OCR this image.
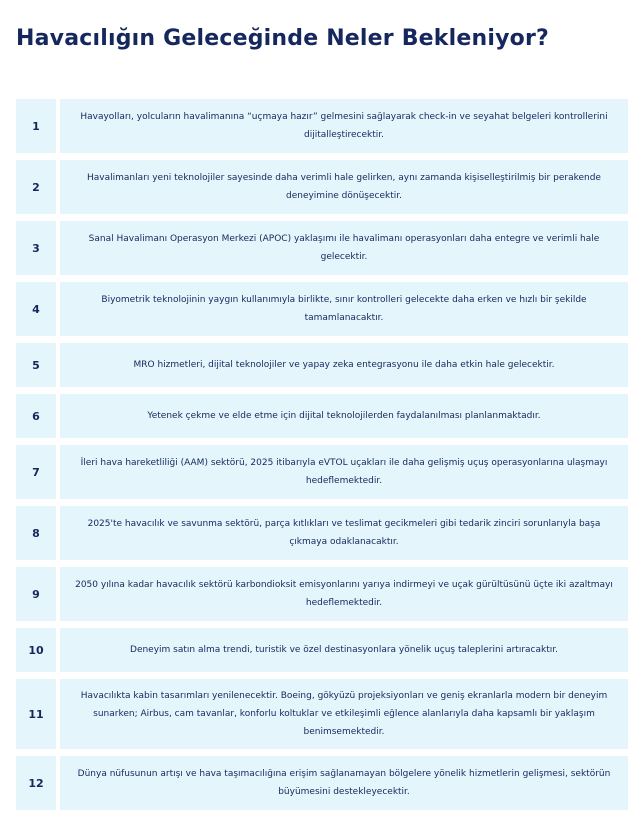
Havacılığın Geleceğinde Neler Bekleniyor?
1
Havayolları, yolcuların havalimanına “uçmaya hazır” gelmesini sağlayarak check-in ve seyahat belgeleri kontrollerini dijitalleştirecektir.
2
Havalimanları yeni teknolojiler sayesinde daha verimli hale gelirken, aynı zamanda kişiselleştirilmiş bir perakende deneyimine dönüşecektir.
3
Sanal Havalimanı Operasyon Merkezi (APOC) yaklaşımı ile havalimanı operasyonları daha entegre ve verimli hale gelecektir.
4
Biyometrik teknolojinin yaygın kullanımıyla birlikte, sınır kontrolleri gelecekte daha erken ve hızlı bir şekilde tamamlanacaktır.
5	MRO hizmetleri, dijital teknolojiler ve yapay zeka entegrasyonu ile daha etkin hale gelecektir.
6	Yetenek çekme ve elde etme için dijital teknolojilerden faydalanılması planlanmaktadır.
7
İleri hava hareketliliği (AAM) sektörü, 2025 itibarıyla eVTOL uçakları ile daha gelişmiş uçuş operasyonlarına ulaşmayı hedeflemektedir.
8
2025'te havacılık ve savunma sektörü, parça kıtlıkları ve teslimat gecikmeleri gibi tedarik zinciri sorunlarıyla başa çıkmaya odaklanacaktır.
9
2050 yılına kadar havacılık sektörü karbondioksit emisyonlarını yarıya indirmeyi ve uçak gürültüsünü üçte iki azaltmayı hedeflemektedir.
10	Deneyim satın alma trendi, turistik ve özel destinasyonlara yönelik uçuş taleplerini artıracaktır.
11
Havacılıkta kabin tasarımları yenilenecektir. Boeing, gökyüzü projeksiyonları ve geniş ekranlarla modern bir deneyim sunarken; Airbus, cam tavanlar, konforlu koltuklar ve etkileşimli eğlence alanlarıyla daha kapsamlı bir yaklaşım benimsemektedir.
12
Dünya nüfusunun artışı ve hava taşımacılığına erişim sağlanamayan bölgelere yönelik hizmetlerin gelişmesi, sektörün büyümesini destekleyecektir.
